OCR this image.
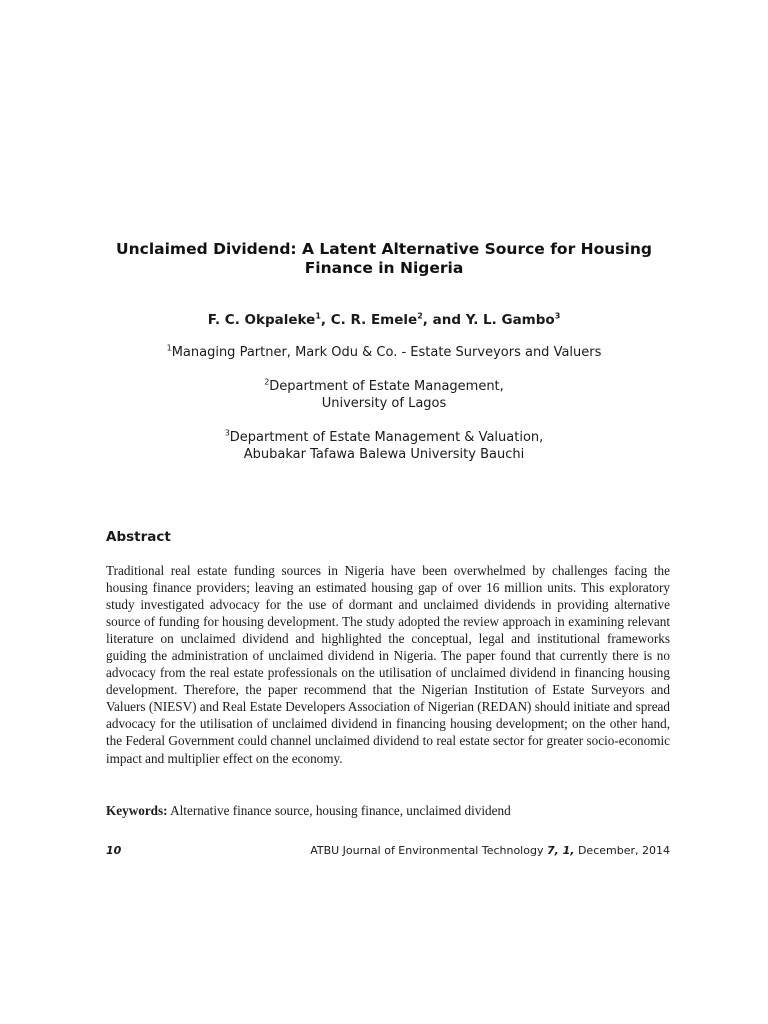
Unclaimed Dividend: A Latent Alternative Source for Housing
Finance in Nigeria
F. C. Okpaleke$^1$, C. R. Emele$^2$, and Y. L. Gambo$^3$
$^1$Managing Partner, Mark Odu & Co. - Estate Surveyors and Valuers
$^2$Department of Estate Management,
University of Lagos
$^3$Department of Estate Management & Valuation,
Abubakar Tafawa Balewa University Bauchi
Abstract
Traditional real estate funding sources in Nigeria have been overwhelmed by challenges facing the housing finance providers; leaving an estimated housing gap of over 16 million units. This exploratory study investigated advocacy for the use of dormant and unclaimed dividends in providing alternative source of funding for housing development. The study adopted the review approach in examining relevant literature on unclaimed dividend and highlighted the conceptual, legal and institutional frameworks guiding the administration of unclaimed dividend in Nigeria. The paper found that currently there is no advocacy from the real estate professionals on the utilisation of unclaimed dividend in financing housing development. Therefore, the paper recommend that the Nigerian Institution of Estate Surveyors and Valuers (NIESV) and Real Estate Developers Association of Nigerian (REDAN) should initiate and spread advocacy for the utilisation of unclaimed dividend in financing housing development; on the other hand, the Federal Government could channel unclaimed dividend to real estate sector for greater socio-economic impact and multiplier effect on the economy.
Keywords: Alternative finance source, housing finance, unclaimed dividend
10	ATBU Journal of Environmental Technology 7, 1, December, 2014
